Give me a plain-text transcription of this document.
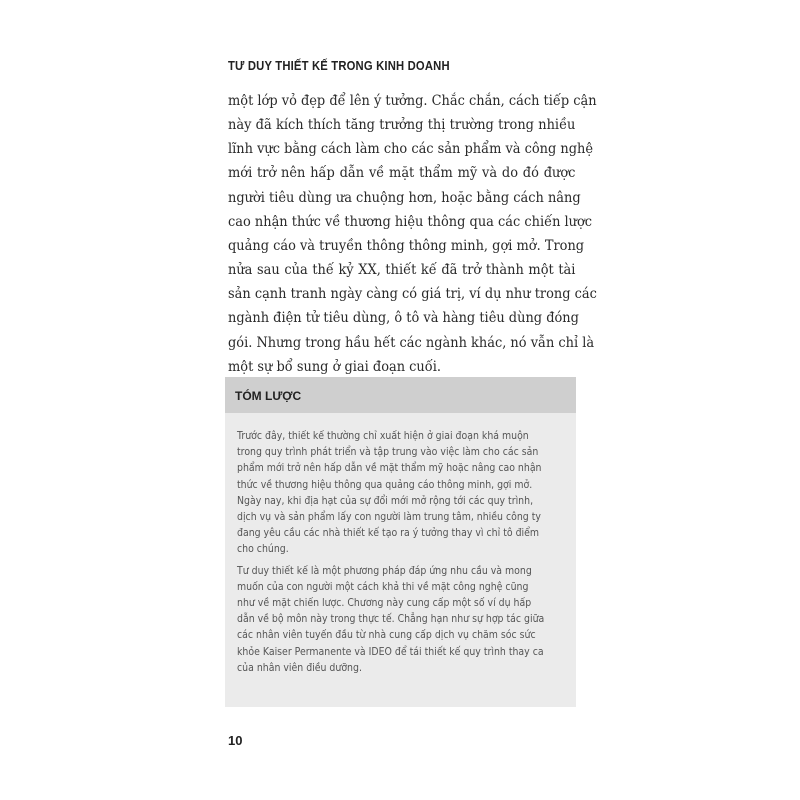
TƯ DUY THIẾT KẾ TRONG KINH DOANH
một lớp vỏ đẹp để lên ý tưởng. Chắc chắn, cách tiếp cận
này đã kích thích tăng trưởng thị trường trong nhiều
lĩnh vực bằng cách làm cho các sản phẩm và công nghệ
mới trở nên hấp dẫn về mặt thẩm mỹ và do đó được
người tiêu dùng ưa chuộng hơn, hoặc bằng cách nâng
cao nhận thức về thương hiệu thông qua các chiến lược
quảng cáo và truyền thông thông minh, gợi mở. Trong
nửa sau của thế kỷ XX, thiết kế đã trở thành một tài
sản cạnh tranh ngày càng có giá trị, ví dụ như trong các
ngành điện tử tiêu dùng, ô tô và hàng tiêu dùng đóng
gói. Nhưng trong hầu hết các ngành khác, nó vẫn chỉ là
một sự bổ sung ở giai đoạn cuối.
TÓM LƯỢC
Trước đây, thiết kế thường chỉ xuất hiện ở giai đoạn khá muộn
trong quy trình phát triển và tập trung vào việc làm cho các sản
phẩm mới trở nên hấp dẫn về mặt thẩm mỹ hoặc nâng cao nhận
thức về thương hiệu thông qua quảng cáo thông minh, gợi mở.
Ngày nay, khi địa hạt của sự đổi mới mở rộng tới các quy trình,
dịch vụ và sản phẩm lấy con người làm trung tâm, nhiều công ty
đang yêu cầu các nhà thiết kế tạo ra ý tưởng thay vì chỉ tô điểm
cho chúng.
Tư duy thiết kế là một phương pháp đáp ứng nhu cầu và mong
muốn của con người một cách khả thi về mặt công nghệ cũng
như về mặt chiến lược. Chương này cung cấp một số ví dụ hấp
dẫn về bộ môn này trong thực tế. Chẳng hạn như sự hợp tác giữa
các nhân viên tuyến đầu từ nhà cung cấp dịch vụ chăm sóc sức
khỏe Kaiser Permanente và IDEO để tái thiết kế quy trình thay ca
của nhân viên điều dưỡng.
10
